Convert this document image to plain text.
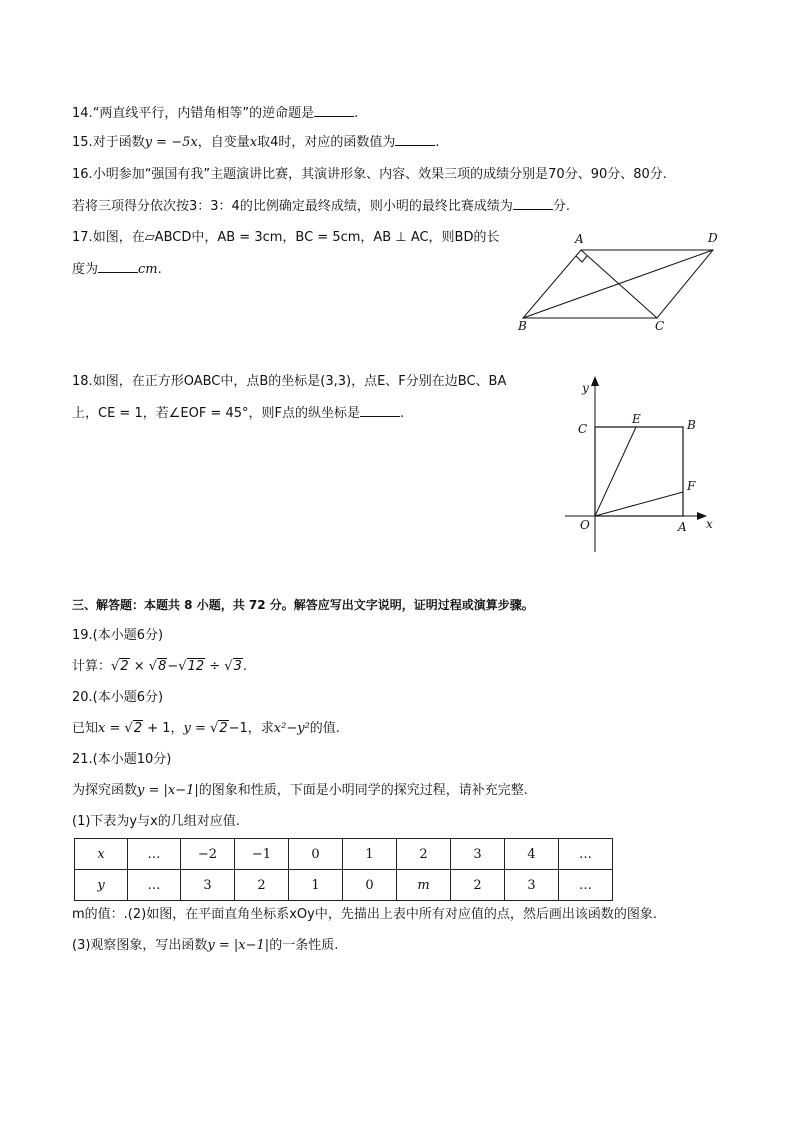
14.“两直线平行，内错角相等”的逆命题是	.
15.对于函数y = −5x，自变量x取4时，对应的函数值为	.
16.小明参加“强国有我”主题演讲比赛，其演讲形象、内容、效果三项的成绩分别是70分、90分、80分.
若将三项得分依次按3：3：4的比例确定最终成绩，则小明的最终比赛成绩为	分.
17.如图，在▱ABCD中，AB = 3cm，BC = 5cm，AB ⊥ AC，则BD的长
度为	cm.
A	D
B	C
18.如图，在正方形OABC中，点B的坐标是(3,3)，点E、F分别在边BC、BA
上，CE = 1，若∠EOF = 45°，则F点的纵坐标是	.
y
x
O	A
B
C
E
F
三、解答题：本题共 8 小题，共 72 分。解答应写出文字说明，证明过程或演算步骤。
19.(本小题6分)
计算：√2 × √8−√12 ÷ √3.
20.(本小题6分)
已知x = √2 + 1，y = √2−1，求x²−y²的值.
21.(本小题10分)
为探究函数y = |x−1|的图象和性质，下面是小明同学的探究过程，请补充完整.
(1)下表为y与x的几组对应值.
x	…	−2	−1	0	1	2	3	4	…
y	…	3	2	1	0	m	2	3	…
m的值：.(2)如图，在平面直角坐标系xOy中，先描出上表中所有对应值的点，然后画出该函数的图象.
(3)观察图象，写出函数y = |x−1|的一条性质.
